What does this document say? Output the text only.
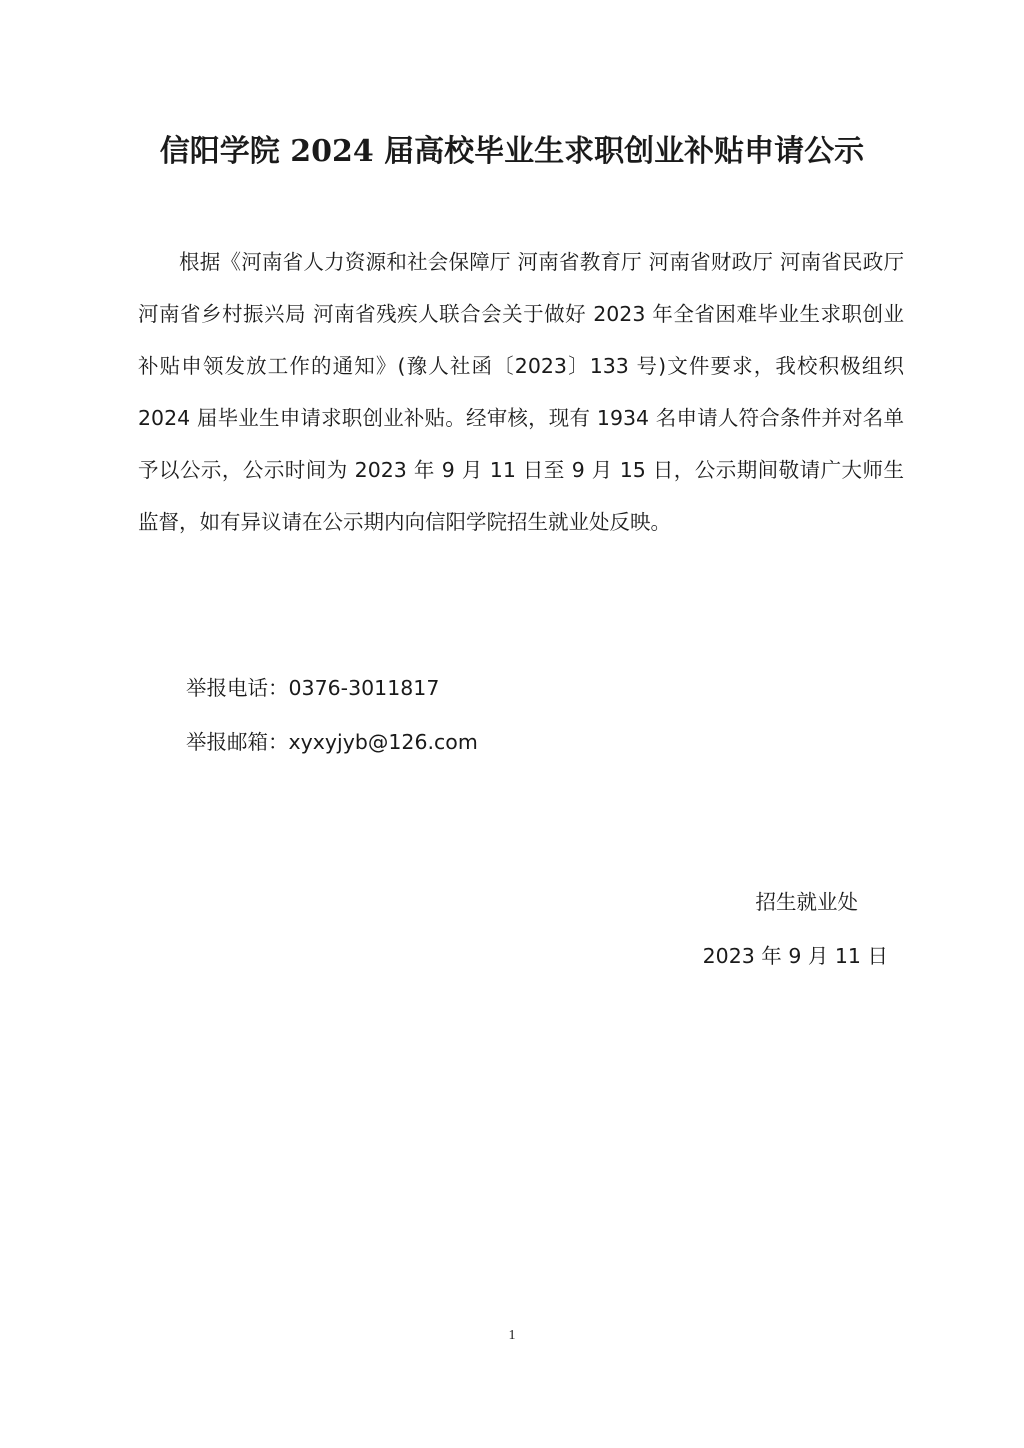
信阳学院 2024 届高校毕业生求职创业补贴申请公示

根据《河南省人力资源和社会保障厅 河南省教育厅 河南省财政厅 河南省民政厅 河南省乡村振兴局 河南省残疾人联合会关于做好 2023 年全省困难毕业生求职创业补贴申领发放工作的通知》(豫人社函〔2023〕133 号)文件要求，我校积极组织 2024 届毕业生申请求职创业补贴。经审核，现有 1934 名申请人符合条件并对名单予以公示，公示时间为 2023 年 9 月 11 日至 9 月 15 日，公示期间敬请广大师生监督，如有异议请在公示期内向信阳学院招生就业处反映。

举报电话：0376-3011817

举报邮箱：xyxyjyb@126.com

招生就业处

2023 年 9 月 11 日

1
